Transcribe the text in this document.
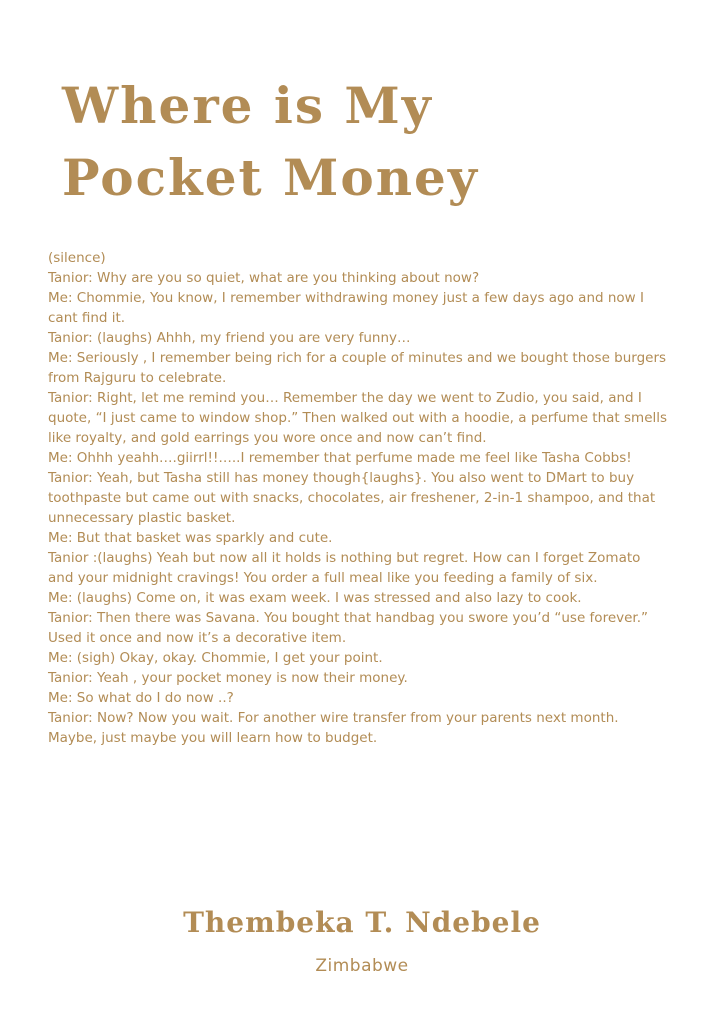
Where is My
Pocket Money

(silence)

Tanior: Why are you so quiet, what are you thinking about now?

Me: Chommie, You know, I remember withdrawing money just a few days ago and now I cant find it.

Tanior: (laughs) Ahhh, my friend you are very funny…

Me: Seriously , I remember being rich for a couple of minutes and we bought those burgers from Rajguru to celebrate.

Tanior: Right, let me remind you… Remember the day we went to Zudio, you said, and I quote, “I just came to window shop.” Then walked out with a hoodie, a perfume that smells like royalty, and gold earrings you wore once and now can’t find.

Me: Ohhh yeahh….giirrl!!…..I remember that perfume made me feel like Tasha Cobbs!

Tanior: Yeah, but Tasha still has money though{laughs}. You also went to DMart to buy toothpaste but came out with snacks, chocolates, air freshener, 2-in-1 shampoo, and that unnecessary plastic basket.

Me: But that basket was sparkly and cute.

Tanior :(laughs) Yeah but now all it holds is nothing but regret. How can I forget Zomato and your midnight cravings! You order a full meal like you feeding a family of six.

Me: (laughs) Come on, it was exam week. I was stressed and also lazy to cook.

Tanior: Then there was Savana. You bought that handbag you swore you’d “use forever.” Used it once and now it’s a decorative item.

Me: (sigh) Okay, okay. Chommie, I get your point.

Tanior: Yeah , your pocket money is now their money.

Me: So what do I do now ..?

Tanior: Now? Now you wait. For another wire transfer from your parents next month. Maybe, just maybe you will learn how to budget.

Thembeka T. Ndebele

Zimbabwe
